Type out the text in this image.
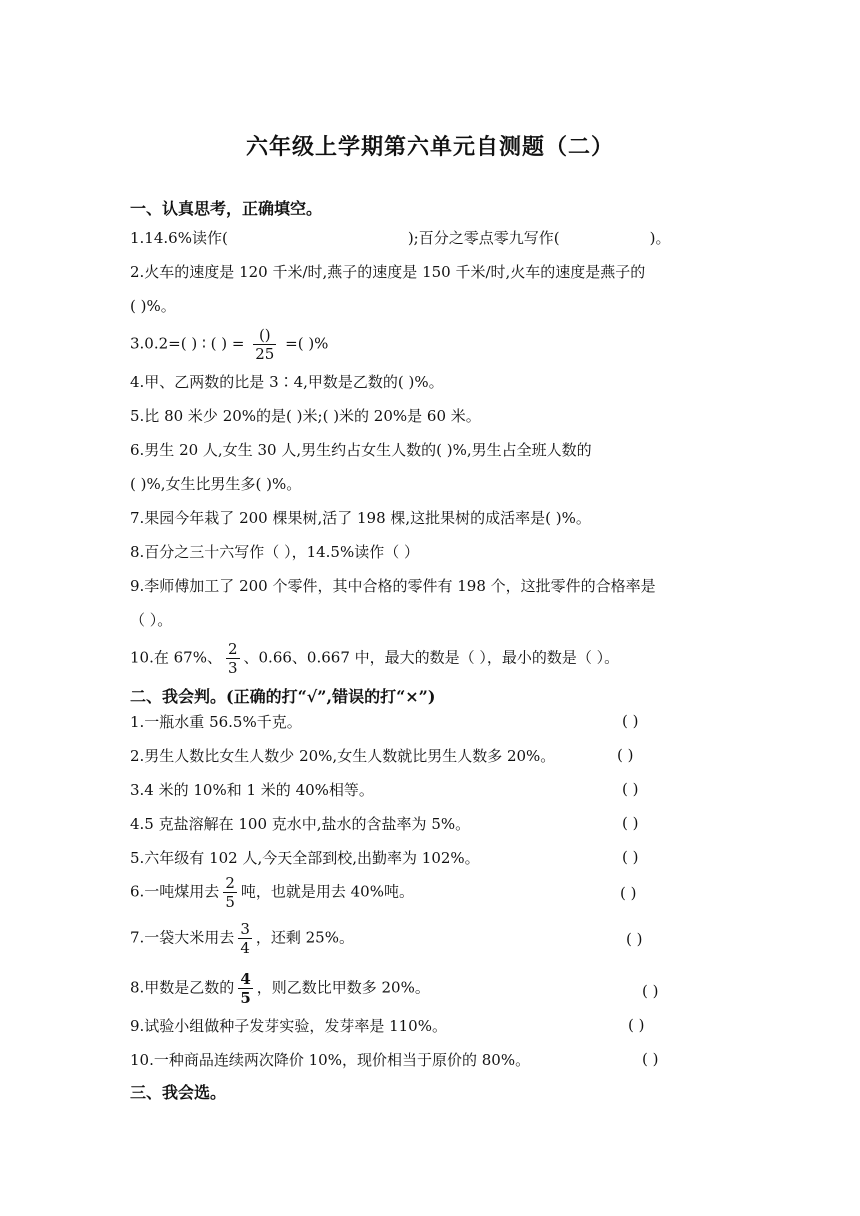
六年级上学期第六单元自测题（二）
一、认真思考，正确填空。
1.14.6%读作(	);百分之零点零九写作(	)。
2.火车的速度是 120 千米/时,燕子的速度是 150 千米/时,火车的速度是燕子的
( )%。
3.0.2=( ) ∶ ( ) = $\frac{()}{25}$ =( )%
4.甲、乙两数的比是 3∶4,甲数是乙数的( )%。
5.比 80 米少 20%的是( )米;( )米的 20%是 60 米。
6.男生 20 人,女生 30 人,男生约占女生人数的( )%,男生占全班人数的
( )%,女生比男生多( )%。
7.果园今年栽了 200 棵果树,活了 198 棵,这批果树的成活率是( )%。
8.百分之三十六写作（ ），14.5%读作（ ）
9.李师傅加工了 200 个零件，其中合格的零件有 198 个，这批零件的合格率是
（ ）。
10.在 67%、 $\frac{2}{3}$ 、0.66、0.667 中，最大的数是（ ），最小的数是（ ）。
二、我会判。(正确的打“√”,错误的打“×”)
1.一瓶水重 56.5%千克。	( )
2.男生人数比女生人数少 20%,女生人数就比男生人数多 20%。	( )
3.4 米的 10%和 1 米的 40%相等。	( )
4.5 克盐溶解在 100 克水中,盐水的含盐率为 5%。	( )
5.六年级有 102 人,今天全部到校,出勤率为 102%。	( )
6.一吨煤用去 $\frac{2}{5}$ 吨，也就是用去 40%吨。	( )
7.一袋大米用去 $\frac{3}{4}$ ，还剩 25%。	( )
8.甲数是乙数的 $\frac{4}{5}$ ，则乙数比甲数多 20%。	( )
9.试验小组做种子发芽实验，发芽率是 110%。	( )
10.一种商品连续两次降价 10%，现价相当于原价的 80%。	( )
三、我会选。
